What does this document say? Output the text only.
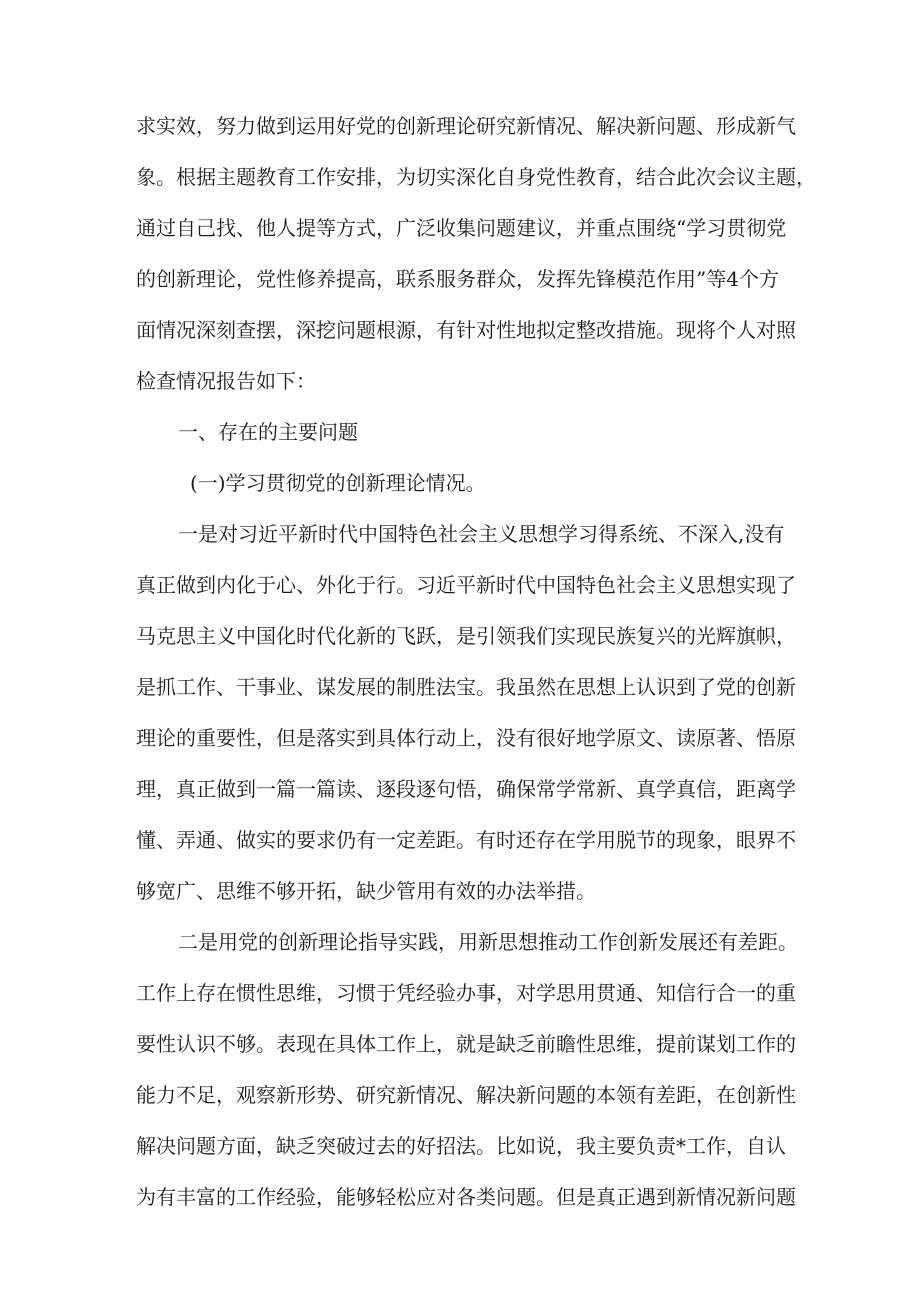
求实效，努力做到运用好党的创新理论研究新情况、解决新问题、形成新气
象。根据主题教育工作安排，为切实深化自身党性教育，结合此次会议主题，
通过自己找、他人提等方式，广泛收集问题建议，并重点围绕“学习贯彻党
的创新理论，党性修养提高，联系服务群众，发挥先锋模范作用”等4个方
面情况深刻查摆，深挖问题根源，有针对性地拟定整改措施。现将个人对照
检查情况报告如下：
一、存在的主要问题
(一)学习贯彻党的创新理论情况。
一是对习近平新时代中国特色社会主义思想学习得系统、不深入,没有
真正做到内化于心、外化于行。习近平新时代中国特色社会主义思想实现了
马克思主义中国化时代化新的飞跃，是引领我们实现民族复兴的光辉旗帜，
是抓工作、干事业、谋发展的制胜法宝。我虽然在思想上认识到了党的创新
理论的重要性，但是落实到具体行动上，没有很好地学原文、读原著、悟原
理，真正做到一篇一篇读、逐段逐句悟，确保常学常新、真学真信，距离学
懂、弄通、做实的要求仍有一定差距。有时还存在学用脱节的现象，眼界不
够宽广、思维不够开拓，缺少管用有效的办法举措。
二是用党的创新理论指导实践，用新思想推动工作创新发展还有差距。
工作上存在惯性思维，习惯于凭经验办事，对学思用贯通、知信行合一的重
要性认识不够。表现在具体工作上，就是缺乏前瞻性思维，提前谋划工作的
能力不足，观察新形势、研究新情况、解决新问题的本领有差距，在创新性
解决问题方面，缺乏突破过去的好招法。比如说，我主要负责*工作，自认
为有丰富的工作经验，能够轻松应对各类问题。但是真正遇到新情况新问题
